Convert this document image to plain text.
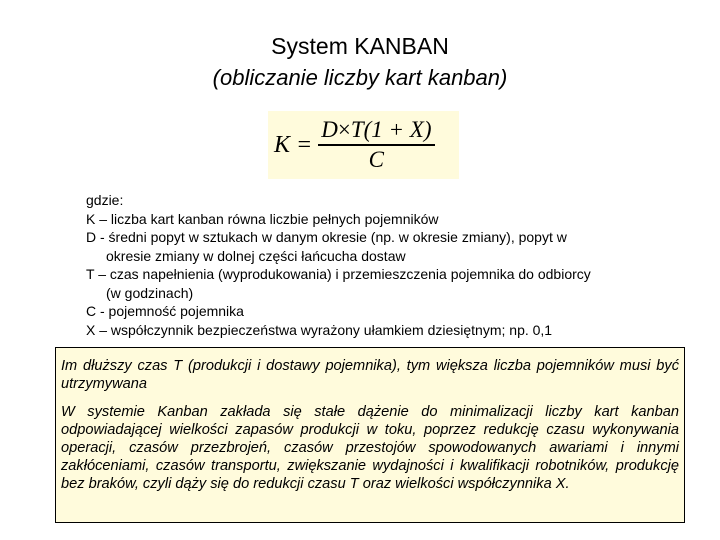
System KANBAN
(obliczanie liczby kart kanban)
$K = \frac{D\times T(1 + X)}{C}$

gdzie:

K – liczba kart kanban równa liczbie pełnych pojemników

D - średni popyt w sztukach w danym okresie (np. w okresie zmiany), popyt w

okresie zmiany w dolnej części łańcucha dostaw

T – czas napełnienia (wyprodukowania) i przemieszczenia pojemnika do odbiorcy

(w godzinach)

C - pojemność pojemnika

X – współczynnik bezpieczeństwa wyrażony ułamkiem dziesiętnym; np. 0,1

Im dłuższy czas T (produkcji i dostawy pojemnika), tym większa liczba pojemników musi być utrzymywana

W systemie Kanban zakłada się stałe dążenie do minimalizacji liczby kart kanban odpowiadającej wielkości zapasów produkcji w toku, poprzez redukcję czasu wykonywania operacji, czasów przezbrojeń, czasów przestojów spowodowanych awariami i innymi zakłóceniami, czasów transportu, zwiększanie wydajności i kwalifikacji robotników, produkcję bez braków, czyli dąży się do redukcji czasu T oraz wielkości współczynnika X.
